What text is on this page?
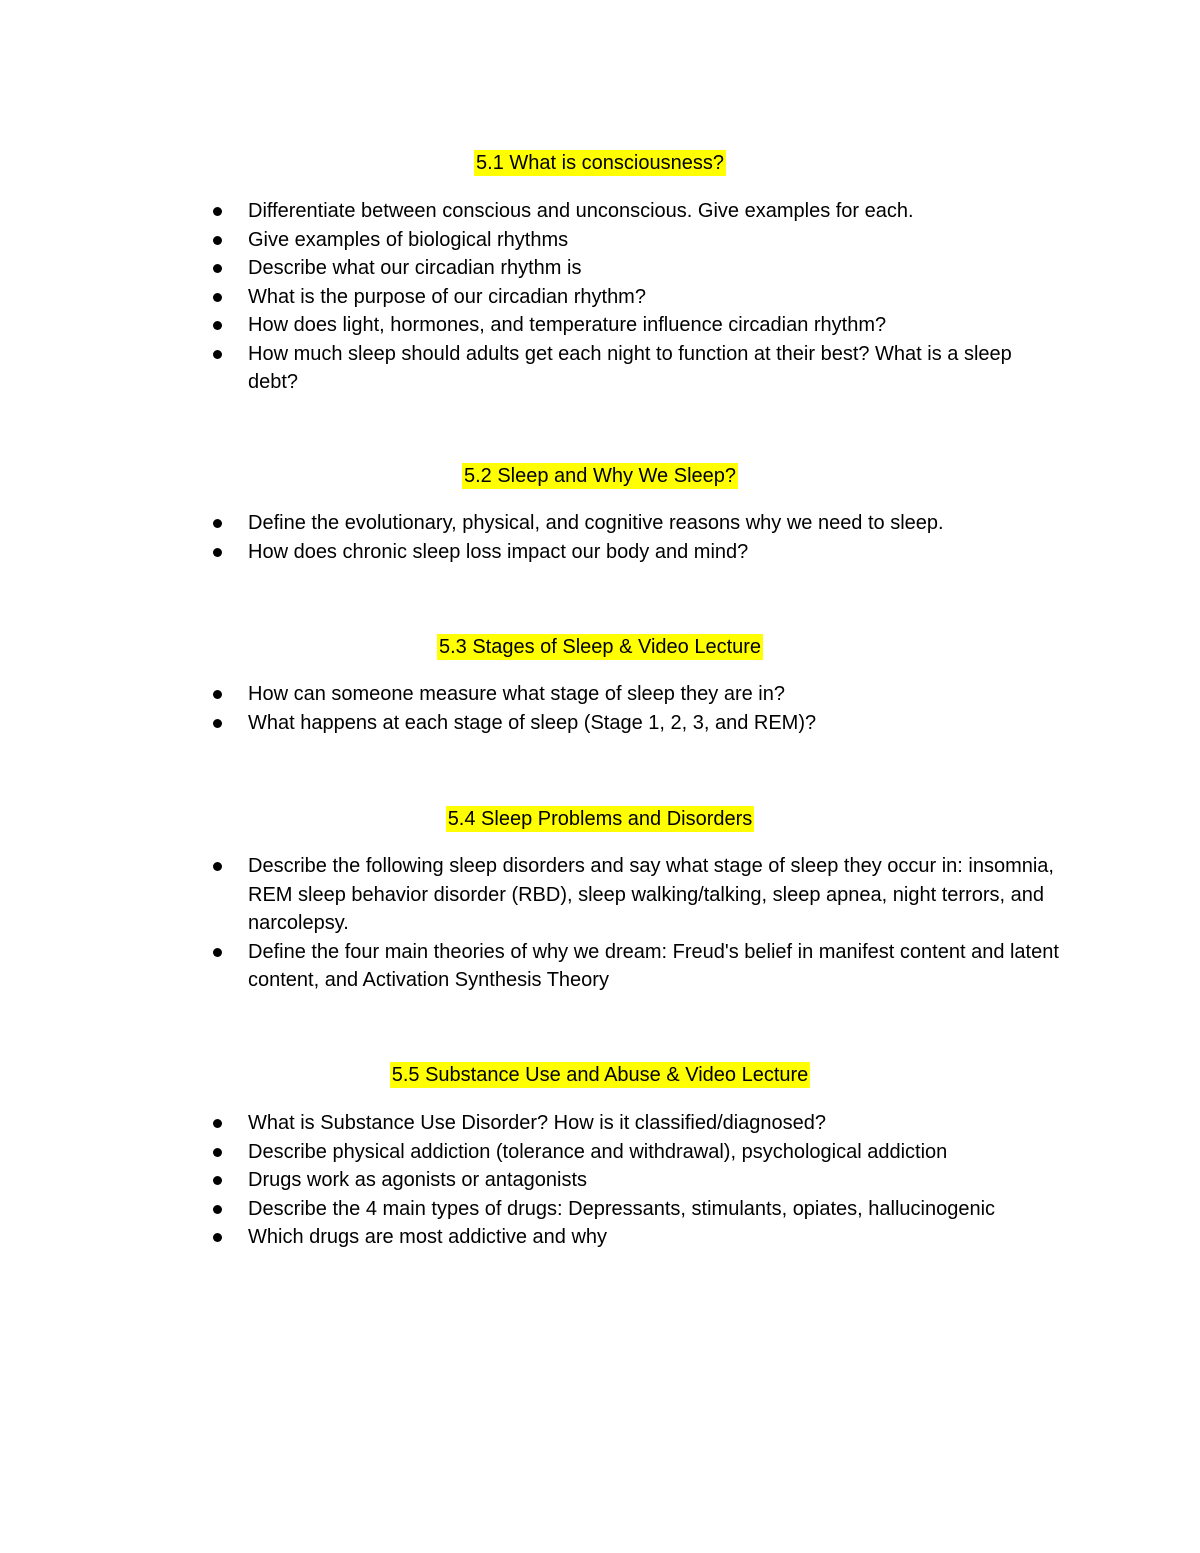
5.1 What is consciousness?
Differentiate between conscious and unconscious. Give examples for each.
Give examples of biological rhythms
Describe what our circadian rhythm is
What is the purpose of our circadian rhythm?
How does light, hormones, and temperature influence circadian rhythm?
How much sleep should adults get each night to function at their best? What is a sleep debt?
5.2 Sleep and Why We Sleep?
Define the evolutionary, physical, and cognitive reasons why we need to sleep.
How does chronic sleep loss impact our body and mind?
5.3 Stages of Sleep & Video Lecture
How can someone measure what stage of sleep they are in?
What happens at each stage of sleep (Stage 1, 2, 3, and REM)?
5.4 Sleep Problems and Disorders
Describe the following sleep disorders and say what stage of sleep they occur in: insomnia, REM sleep behavior disorder (RBD), sleep walking/talking, sleep apnea, night terrors, and narcolepsy.
Define the four main theories of why we dream: Freud's belief in manifest content and latent content, and Activation Synthesis Theory
5.5 Substance Use and Abuse & Video Lecture
What is Substance Use Disorder? How is it classified/diagnosed?
Describe physical addiction (tolerance and withdrawal), psychological addiction
Drugs work as agonists or antagonists
Describe the 4 main types of drugs: Depressants, stimulants, opiates, hallucinogenic
Which drugs are most addictive and why
